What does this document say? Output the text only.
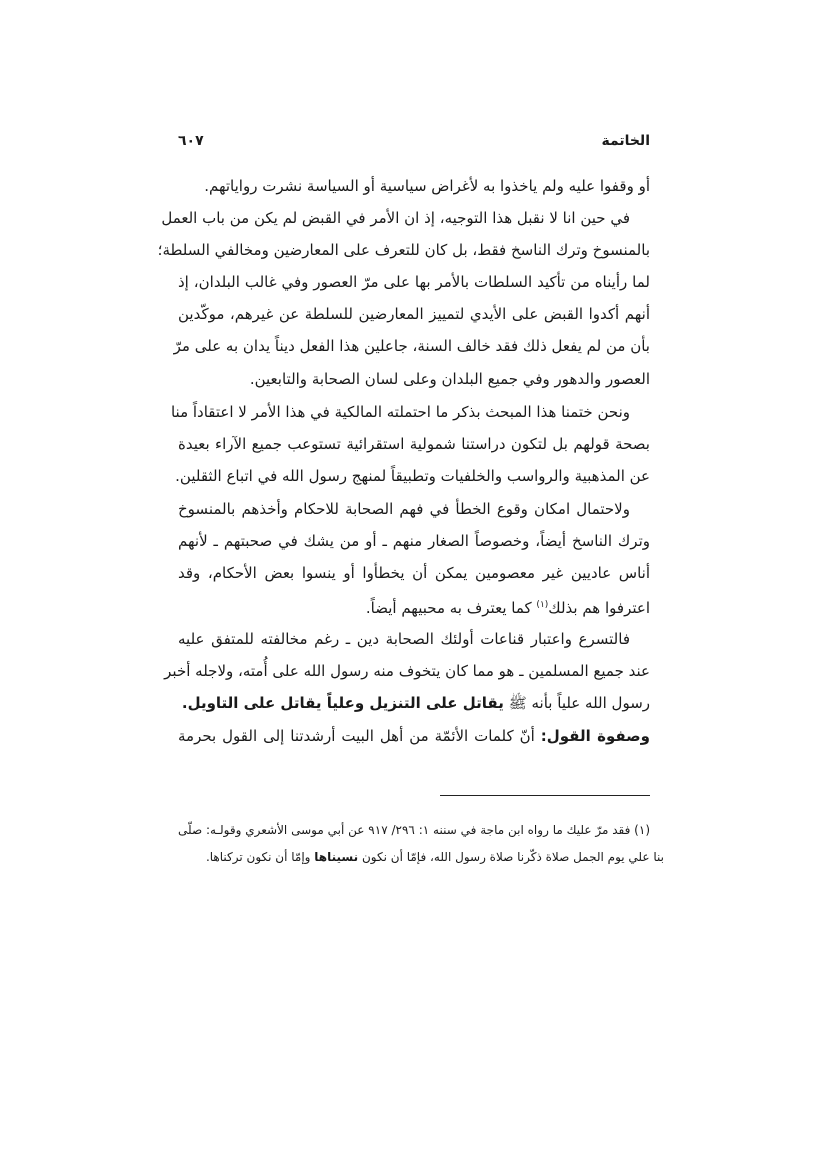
الخاتمة
٦٠٧
أو وقفوا عليه ولم ياخذوا به لأغراض سياسية أو السياسة نشرت رواياتهم.
في حين انا لا نقبل هذا التوجيه، إذ ان الأمر في القبض لم يكن من باب العمل
بالمنسوخ وترك الناسخ فقط، بل كان للتعرف على المعارضين ومخالفي السلطة؛
لما رأيناه من تأكيد السلطات بالأمر بها على مرّ العصور وفي غالب البلدان، إذ
أنهم أكدوا القبض على الأيدي لتمييز المعارضين للسلطة عن غيرهم، موكّدين
بأن من لم يفعل ذلك فقد خالف السنة، جاعلين هذا الفعل ديناً يدان به على مرّ
العصور والدهور وفي جميع البلدان وعلى لسان الصحابة والتابعين.
ونحن ختمنا هذا المبحث بذكر ما احتملته المالكية في هذا الأمر لا اعتقاداً منا
بصحة قولهم بل لتكون دراستنا شمولية استقرائية تستوعب جميع الآراء بعيدة
عن المذهبية والرواسب والخلفيات وتطبيقاً لمنهج رسول الله في اتباع الثقلين.
ولاحتمال امكان وقوع الخطأ في فهم الصحابة للاحكام وأخذهم بالمنسوخ
وترك الناسخ أيضاً، وخصوصاً الصغار منهم ـ أو من يشك في صحبتهم ـ لأنهم
أناس عاديين غير معصومين يمكن أن يخطأوا أو ينسوا بعض الأحكام، وقد
اعترفوا هم بذلك$^{(١)}$ كما يعترف به محبيهم أيضاً.
فالتسرع واعتبار قناعات أولئك الصحابة دين ـ رغم مخالفته للمتفق عليه
عند جميع المسلمين ـ هو مما كان يتخوف منه رسول الله على أُمته، ولاجله أخبر
رسول الله علياً بأنه ﷺ يقاتل على التنزيل وعلياً يقاتل على التاويل.
وصفوة القول: أنّ كلمات الأئمّة من أهل البيت أرشدتنا إلى القول بحرمة
(١) فقد مرّ عليك ما رواه ابن ماجة في سننه ١: ٢٩٦/ ٩١٧ عن أبي موسى الأشعري وقولـه: صلّى
بنا علي يوم الجمل صلاة ذكّرنا صلاة رسول الله، فإمّا أن نكون نسيناها وإمّا أن نكون تركناها.
